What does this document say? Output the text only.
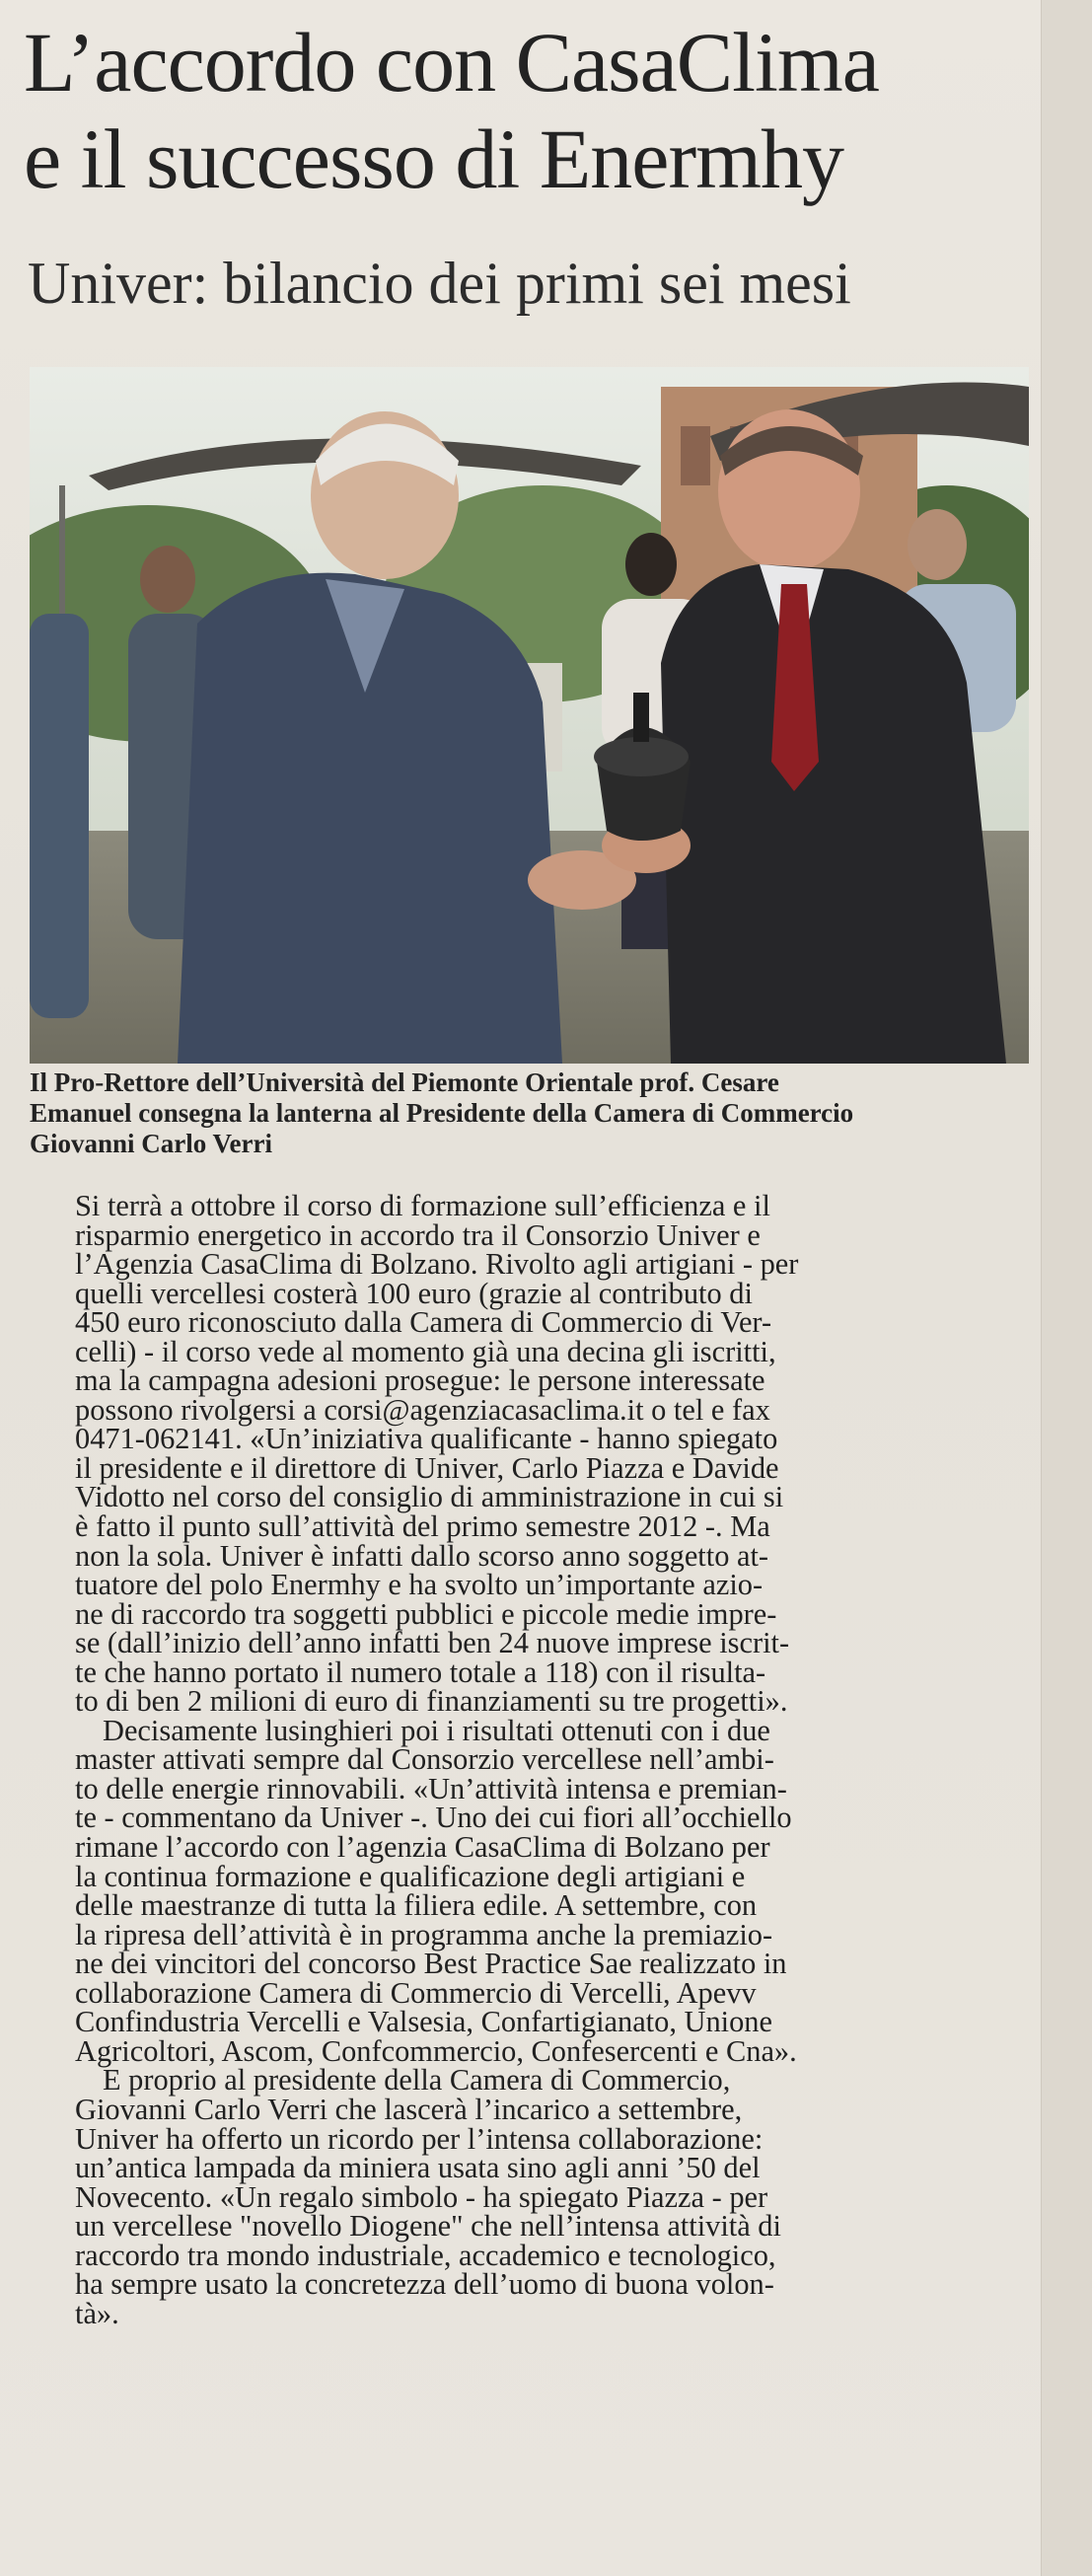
L’accordo con CasaClima
e il successo di Enermhy
Univer: bilancio dei primi sei mesi
Il Pro-Rettore dell’Università del Piemonte Orientale prof. Cesare
Emanuel consegna la lanterna al Presidente della Camera di Commercio
Giovanni Carlo Verri
Si terrà a ottobre il corso di formazione sull’efficienza e il
risparmio energetico in accordo tra il Consorzio Univer e
l’Agenzia CasaClima di Bolzano. Rivolto agli artigiani - per
quelli vercellesi costerà 100 euro (grazie al contributo di
450 euro riconosciuto dalla Camera di Commercio di Ver-
celli) - il corso vede al momento già una decina gli iscritti,
ma la campagna adesioni prosegue: le persone interessate
possono rivolgersi a corsi@agenziacasaclima.it o tel e fax
0471-062141. «Un’iniziativa qualificante - hanno spiegato
il presidente e il direttore di Univer, Carlo Piazza e Davide
Vidotto nel corso del consiglio di amministrazione in cui si
è fatto il punto sull’attività del primo semestre 2012 -. Ma
non la sola. Univer è infatti dallo scorso anno soggetto at-
tuatore del polo Enermhy e ha svolto un’importante azio-
ne di raccordo tra soggetti pubblici e piccole medie impre-
se (dall’inizio dell’anno infatti ben 24 nuove imprese iscrit-
te che hanno portato il numero totale a 118) con il risulta-
to di ben 2 milioni di euro di finanziamenti su tre progetti».
Decisamente lusinghieri poi i risultati ottenuti con i due
master attivati sempre dal Consorzio vercellese nell’ambi-
to delle energie rinnovabili. «Un’attività intensa e premian-
te - commentano da Univer -. Uno dei cui fiori all’occhiello
rimane l’accordo con l’agenzia CasaClima di Bolzano per
la continua formazione e qualificazione degli artigiani e
delle maestranze di tutta la filiera edile. A settembre, con
la ripresa dell’attività è in programma anche la premiazio-
ne dei vincitori del concorso Best Practice Sae realizzato in
collaborazione Camera di Commercio di Vercelli, Apevv
Confindustria Vercelli e Valsesia, Confartigianato, Unione
Agricoltori, Ascom, Confcommercio, Confesercenti e Cna».
E proprio al presidente della Camera di Commercio,
Giovanni Carlo Verri che lascerà l’incarico a settembre,
Univer ha offerto un ricordo per l’intensa collaborazione:
un’antica lampada da miniera usata sino agli anni ’50 del
Novecento. «Un regalo simbolo - ha spiegato Piazza - per
un vercellese "novello Diogene" che nell’intensa attività di
raccordo tra mondo industriale, accademico e tecnologico,
ha sempre usato la concretezza dell’uomo di buona volon-
tà».
